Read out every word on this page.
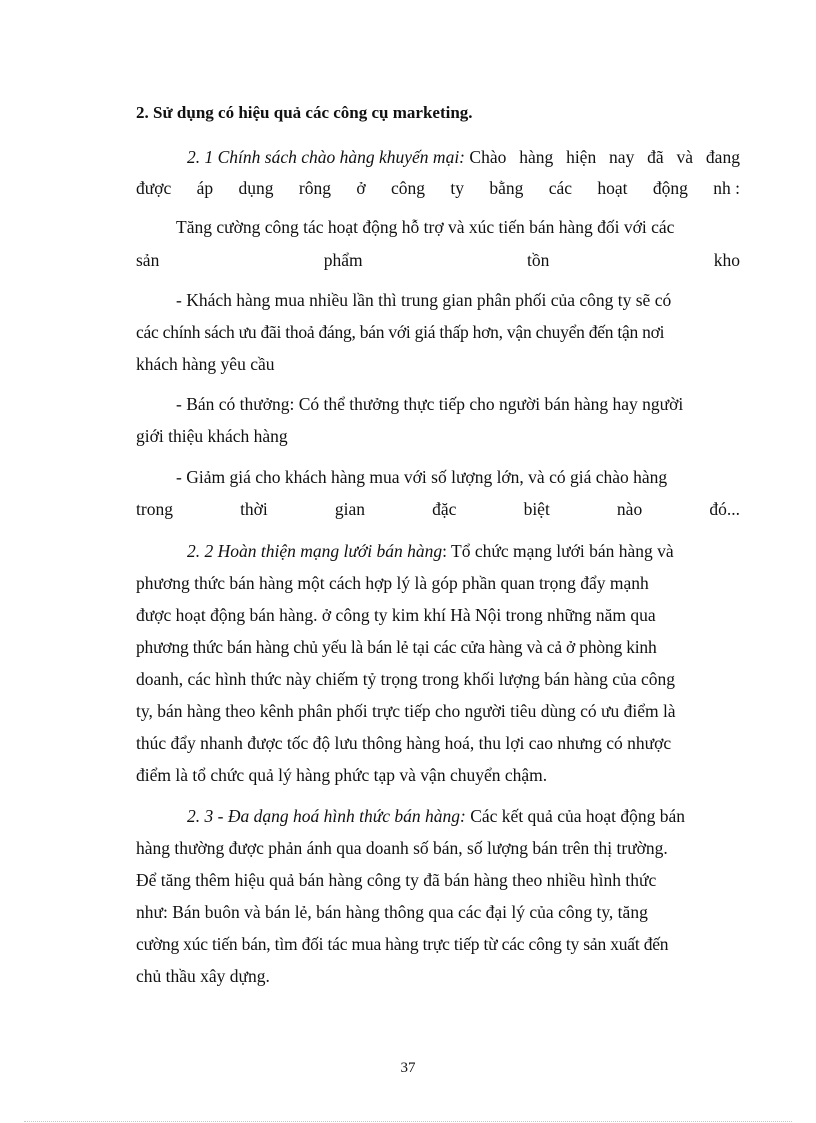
2. Sử dụng có hiệu quả các công cụ marketing.
2. 1 Chính sách chào hàng khuyến mại: Chào hàng hiện nay đã và đang
được áp dụng rông ở công ty bằng các hoạt động nh :
Tăng cường công tác hoạt động hỗ trợ và xúc tiến bán hàng đối với các
sản	phẩm	tồn	kho
- Khách hàng mua nhiều lần thì trung gian phân phối của công ty sẽ có
các chính sách ưu đãi thoả đáng, bán với giá thấp hơn, vận chuyển đến tận nơi
khách hàng yêu cầu
- Bán có thưởng: Có thể thưởng thực tiếp cho người bán hàng hay người
giới thiệu khách hàng
- Giảm giá cho khách hàng mua với số lượng lớn, và có giá chào hàng
trong	thời	gian	đặc	biệt	nào	đó...
2. 2 Hoàn thiện mạng lưới bán hàng: Tổ chức mạng lưới bán hàng và
phương thức bán hàng một cách hợp lý là góp phần quan trọng đẩy mạnh
được hoạt động bán hàng. ở công ty kim khí Hà Nội trong những năm qua
phương thức bán hàng chủ yếu là bán lẻ tại các cửa hàng và cả ở phòng kinh
doanh, các hình thức này chiếm tỷ trọng trong khối lượng bán hàng của công
ty, bán hàng theo kênh phân phối trực tiếp cho người tiêu dùng có ưu điểm là
thúc đẩy nhanh được tốc độ lưu thông hàng hoá, thu lợi cao nhưng có nhược
điểm là tổ chức quả lý hàng phức tạp và vận chuyển chậm.
2. 3 - Đa dạng hoá hình thức bán hàng: Các kết quả của hoạt động bán
hàng thường được phản ánh qua doanh số bán, số lượng bán trên thị trường.
Để tăng thêm hiệu quả bán hàng công ty đã bán hàng theo nhiều hình thức
như: Bán buôn và bán lẻ, bán hàng thông qua các đại lý của công ty, tăng
cường xúc tiến bán, tìm đối tác mua hàng trực tiếp từ các công ty sản xuất đến
chủ thầu xây dựng.
37
